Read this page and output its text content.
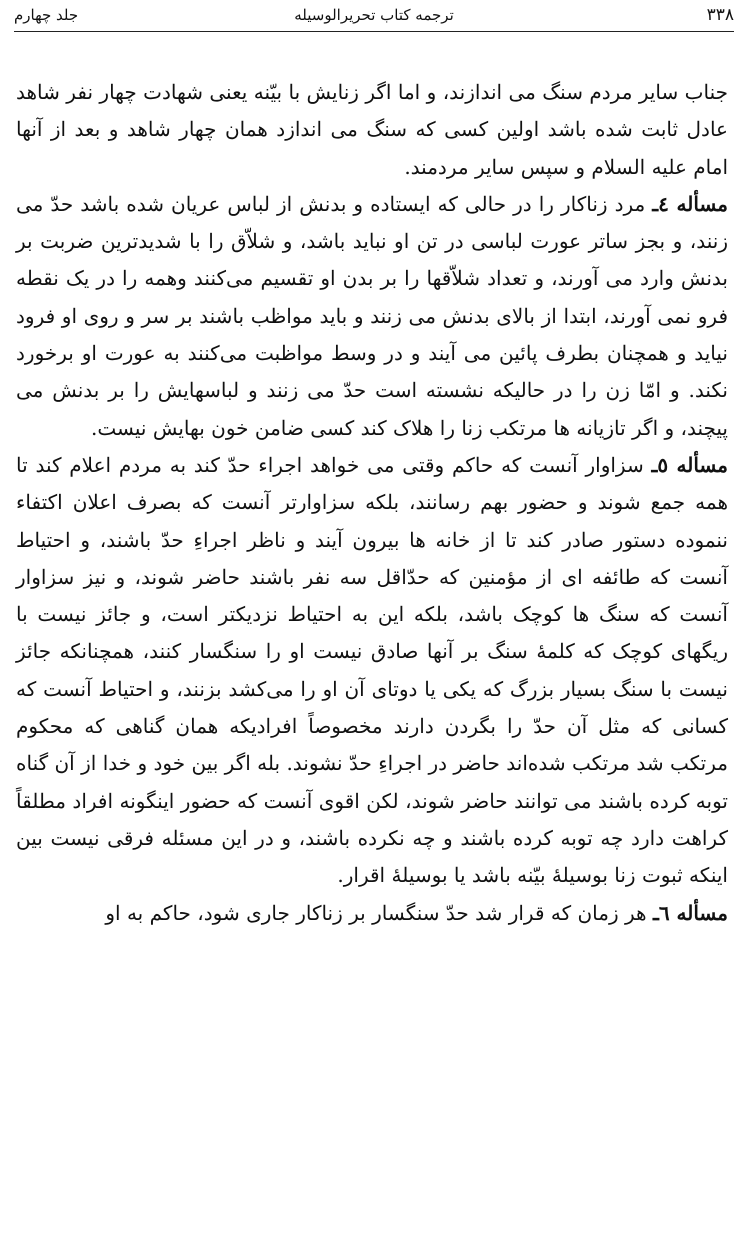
۳۳۸
ترجمه کتاب تحریرالوسیله
جلد چهارم

جناب سایر مردم سنگ می اندازند، و اما اگر زنایش با بیّنه یعنی شهادت چهار نفر شاهد عادل ثابت شده باشد اولین کسی که سنگ می اندازد همان چهار شاهد و بعد از آنها امام علیه السلام و سپس سایر مردمند.

مسأله ٤ـ مرد زناکار را در حالی که ایستاده و بدنش از لباس عریان شده باشد حدّ می زنند، و بجز ساتر عورت لباسی در تن او نباید باشد، و شلاّق را با شدیدترین ضربت بر بدنش وارد می آورند، و تعداد شلاّقها را بر بدن او تقسیم می‌کنند وهمه را در یک نقطه فرو نمی آورند، ابتدا از بالای بدنش می زنند و باید مواظب باشند بر سر و روی او فرود نیاید و همچنان بطرف پائین می آیند و در وسط مواظبت می‌کنند به عورت او برخورد نکند. و امّا زن را در حالیکه نشسته است حدّ می زنند و لباسهایش را بر بدنش می پیچند، و اگر تازیانه ها مرتکب زنا را هلاک کند کسی ضامن خون بهایش نیست.

مسأله ٥ـ سزاوار آنست که حاکم وقتی می خواهد اجراء حدّ کند به مردم اعلام کند تا همه جمع شوند و حضور بهم رسانند، بلکه سزاوارتر آنست که بصرف اعلان اکتفاء ننموده دستور صادر کند تا از خانه ها بیرون آیند و ناظر اجراءِ حدّ باشند، و احتیاط آنست که طائفه ای از مؤمنین که حدّاقل سه نفر باشند حاضر شوند، و نیز سزاوار آنست که سنگ ها کوچک باشد، بلکه این به احتیاط نزدیکتر است، و جائز نیست با ریگهای کوچک که کلمهٔ سنگ بر آنها صادق نیست او را سنگسار کنند، همچنانکه جائز نیست با سنگ بسیار بزرگ که یکی یا دوتای آن او را می‌کشد بزنند، و احتیاط آنست که کسانی که مثل آن حدّ را بگردن دارند مخصوصاً افرادیکه همان گناهی که محکوم مرتکب شد مرتکب شده‌اند حاضر در اجراءِ حدّ نشوند. بله اگر بین خود و خدا از آن گناه توبه کرده باشند می توانند حاضر شوند، لکن اقوی آنست که حضور اینگونه افراد مطلقاً کراهت دارد چه توبه کرده باشند و چه نکرده باشند، و در این مسئله فرقی نیست بین اینکه ثبوت زنا بوسیلهٔ بیّنه باشد یا بوسیلهٔ اقرار.

مسأله ٦ـ هر زمان که قرار شد حدّ سنگسار بر زناکار جاری شود، حاکم به او
